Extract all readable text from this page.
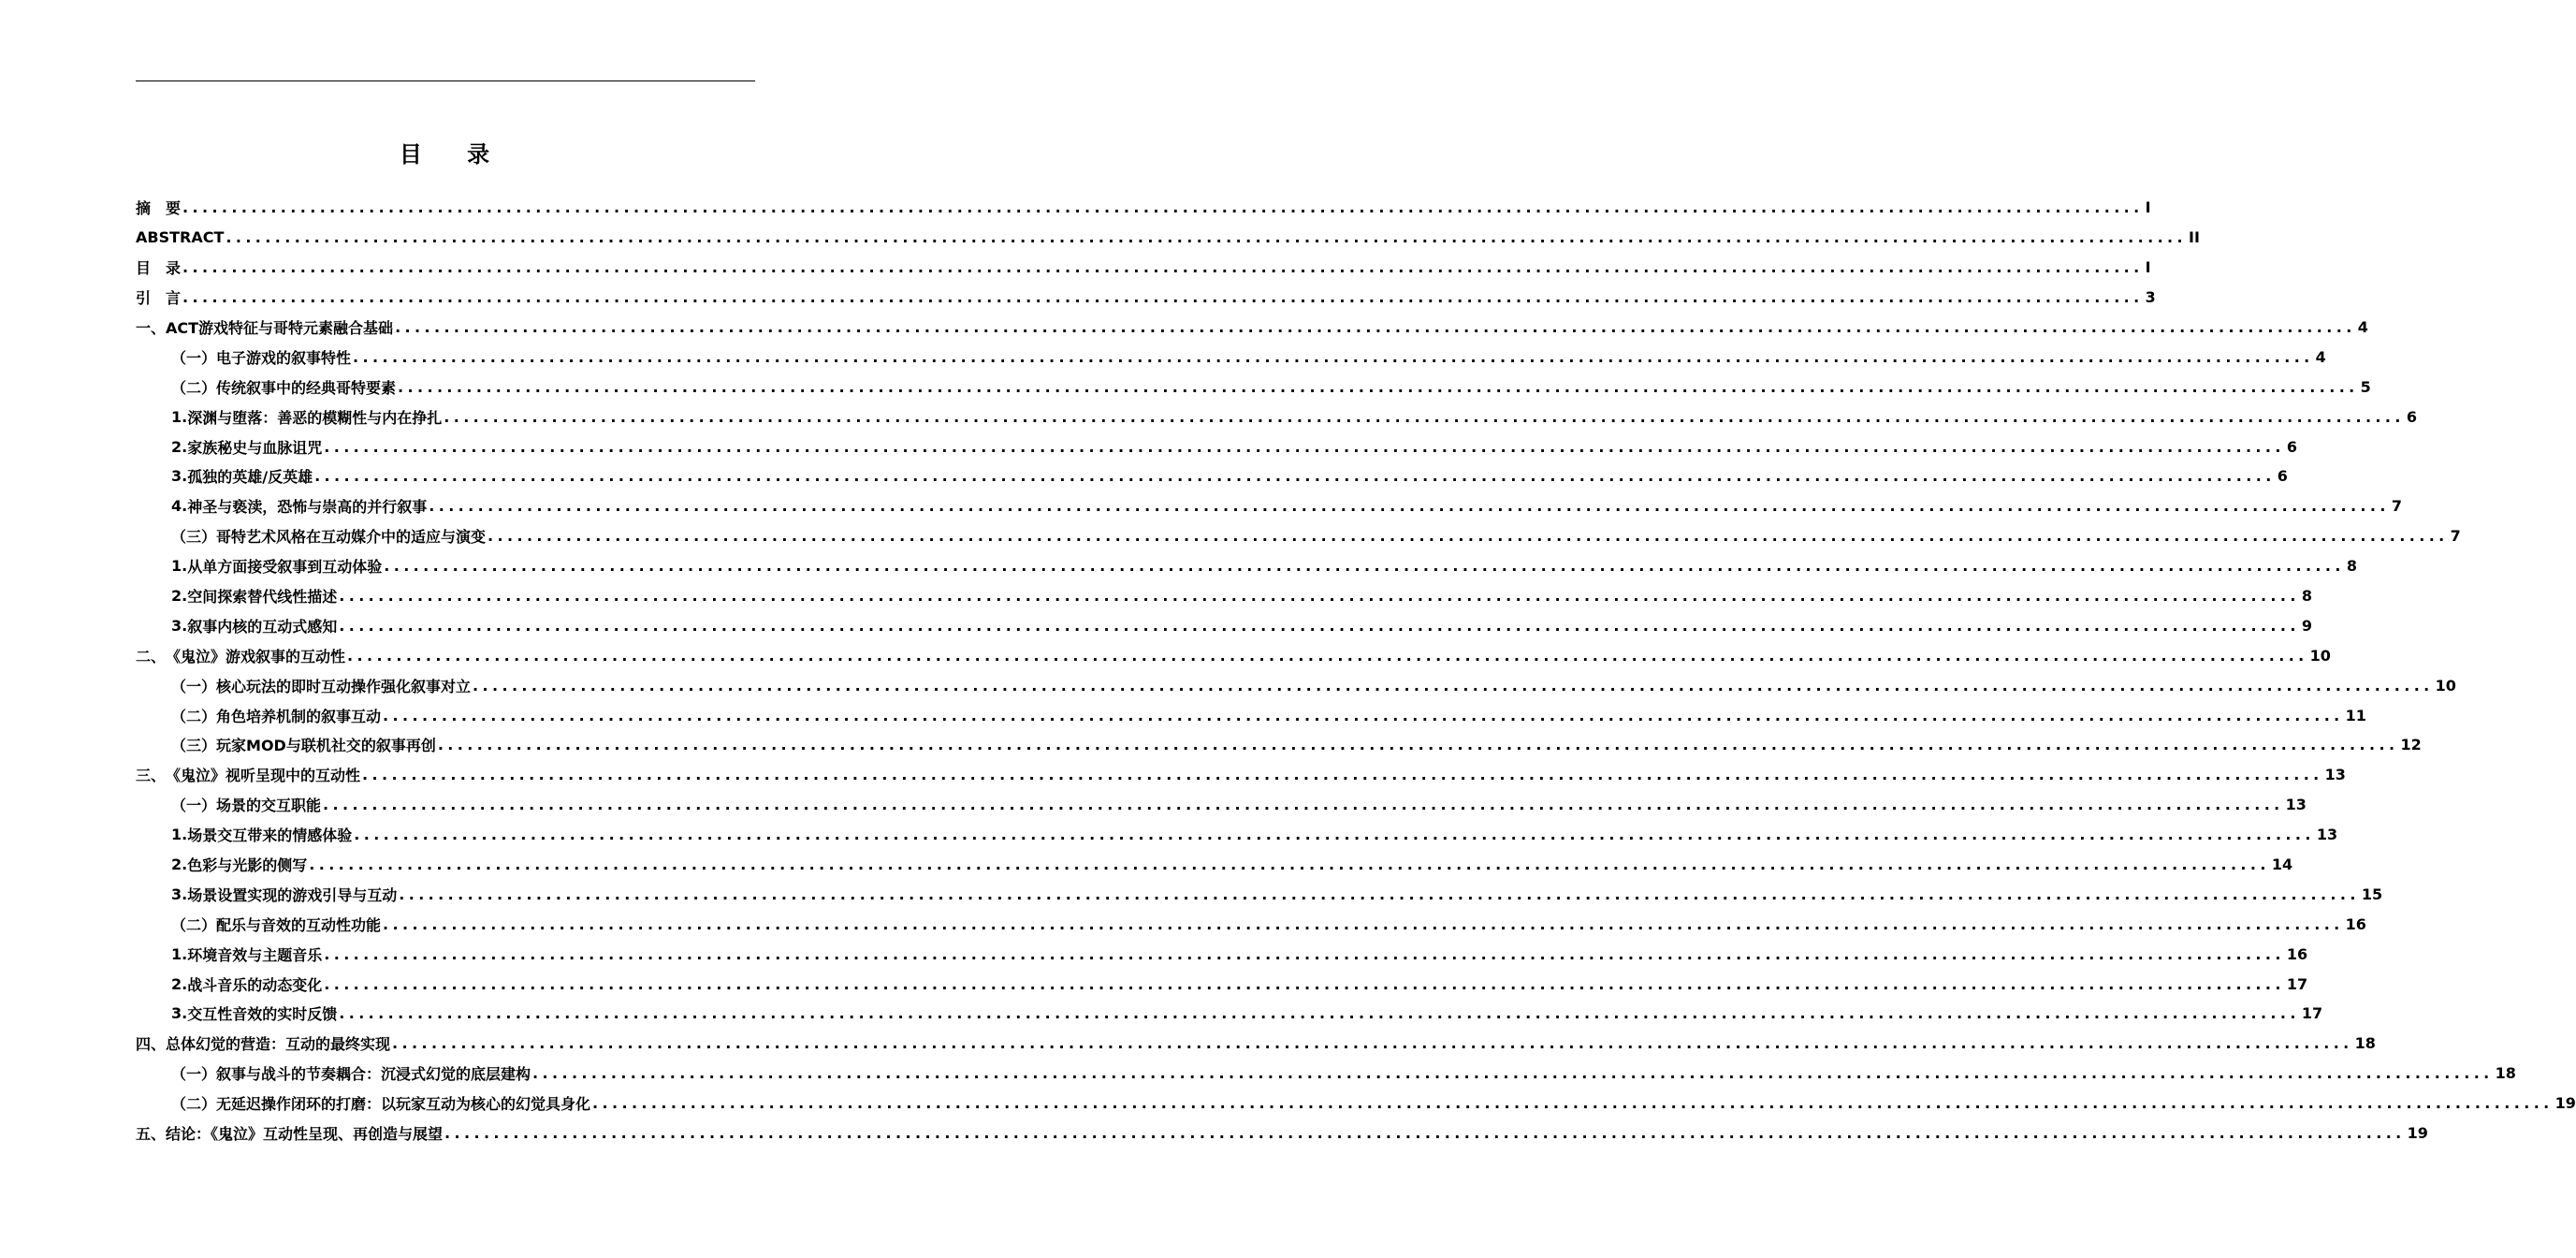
目 录
摘　要 ........................................................................................................................................................................................................ I
ABSTRACT ........................................................................................................................................................................................................ II
目　录 ........................................................................................................................................................................................................ I
引　言 ........................................................................................................................................................................................................ 3
一、 ACT游戏特征与哥特元素融合基础 ........................................................................................................................................................................................................ 4
（一） 电子游戏的叙事特性 ........................................................................................................................................................................................................ 4
（二） 传统叙事中的经典哥特要素 ........................................................................................................................................................................................................ 5
1. 深渊与堕落：善恶的模糊性与内在挣扎 ........................................................................................................................................................................................................ 6
2. 家族秘史与血脉诅咒 ........................................................................................................................................................................................................ 6
3. 孤独的英雄/反英雄 ........................................................................................................................................................................................................ 6
4. 神圣与亵渎，恐怖与崇高的并行叙事 ........................................................................................................................................................................................................ 7
（三） 哥特艺术风格在互动媒介中的适应与演变 ........................................................................................................................................................................................................ 7
1. 从单方面接受叙事到互动体验 ........................................................................................................................................................................................................ 8
2. 空间探索替代线性描述 ........................................................................................................................................................................................................ 8
3. 叙事内核的互动式感知 ........................................................................................................................................................................................................ 9
二、 《鬼泣》游戏叙事的互动性 ........................................................................................................................................................................................................ 10
（一） 核心玩法的即时互动操作强化叙事对立 ........................................................................................................................................................................................................ 10
（二） 角色培养机制的叙事互动 ........................................................................................................................................................................................................ 11
（三） 玩家MOD与联机社交的叙事再创 ........................................................................................................................................................................................................ 12
三、 《鬼泣》视听呈现中的互动性 ........................................................................................................................................................................................................ 13
（一） 场景的交互职能 ........................................................................................................................................................................................................ 13
1. 场景交互带来的情感体验 ........................................................................................................................................................................................................ 13
2. 色彩与光影的侧写 ........................................................................................................................................................................................................ 14
3. 场景设置实现的游戏引导与互动 ........................................................................................................................................................................................................ 15
（二） 配乐与音效的互动性功能 ........................................................................................................................................................................................................ 16
1. 环境音效与主题音乐 ........................................................................................................................................................................................................ 16
2. 战斗音乐的动态变化 ........................................................................................................................................................................................................ 17
3. 交互性音效的实时反馈 ........................................................................................................................................................................................................ 17
四、 总体幻觉的营造：互动的最终实现 ........................................................................................................................................................................................................ 18
（一） 叙事与战斗的节奏耦合：沉浸式幻觉的底层建构 ........................................................................................................................................................................................................ 18
（二） 无延迟操作闭环的打磨：以玩家互动为核心的幻觉具身化 ........................................................................................................................................................................................................ 19
五、 结论：《鬼泣》互动性呈现、再创造与展望 ........................................................................................................................................................................................................ 19
